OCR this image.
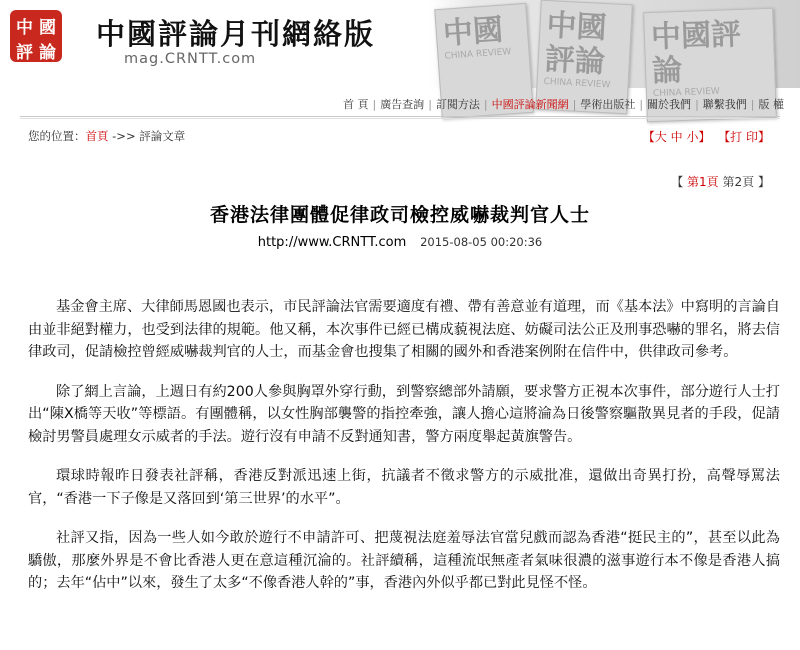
中 國
評 論
中國評論月刊網絡版
mag.CRNTT.com
中國
CHINA REVIEW
中國評論
CHINA REVIEW
中國評論
CHINA REVIEW
首 頁 | 廣告查詢 | 訂閱方法 | 中國評論新聞網 | 學術出版社 | 關於我們 | 聯繫我們 | 版 權
您的位置：首頁 ->> 評論文章	【大 中 小】 【打 印】
【 第1頁 第2頁 】
香港法律團體促律政司檢控威嚇裁判官人士
http://www.CRNTT.com 2015-08-05 00:20:36

基金會主席、大律師馬恩國也表示，市民評論法官需要適度有禮、帶有善意並有道理，而《基本法》中寫明的言論自由並非絕對權力，也受到法律的規範。他又稱，本次事件已經已構成藐視法庭、妨礙司法公正及刑事恐嚇的罪名，將去信律政司，促請檢控曾經威嚇裁判官的人士，而基金會也搜集了相關的國外和香港案例附在信件中，供律政司參考。

除了網上言論，上週日有約200人參與胸罩外穿行動，到警察總部外請願，要求警方正視本次事件，部分遊行人士打出“陳X橋等天收”等標語。有團體稱，以女性胸部襲警的指控牽強，讓人擔心這將淪為日後警察驅散異見者的手段，促請檢討男警員處理女示威者的手法。遊行沒有申請不反對通知書，警方兩度舉起黃旗警告。

環球時報昨日發表社評稱，香港反對派迅速上街，抗議者不徵求警方的示威批准，還做出奇異打扮，高聲辱罵法官，“香港一下子像是又落回到‘第三世界’的水平”。

社評又指，因為一些人如今敢於遊行不申請許可、把蔑視法庭羞辱法官當兒戲而認為香港“挺民主的”，甚至以此為驕傲，那麼外界是不會比香港人更在意這種沉淪的。社評續稱，這種流氓無產者氣味很濃的滋事遊行本不像是香港人搞的；去年“佔中”以來，發生了太多“不像香港人幹的”事，香港內外似乎都已對此見怪不怪。
